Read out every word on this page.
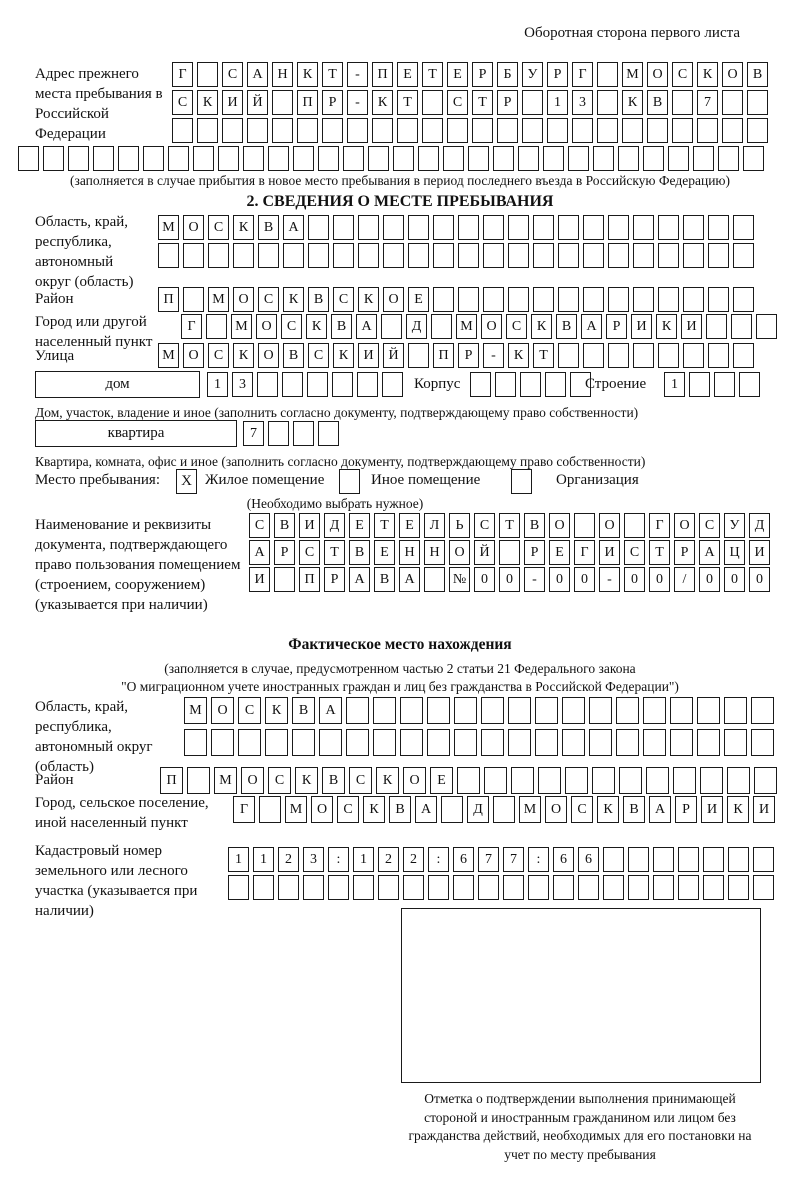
Оборотная сторона первого листа
Адрес прежнего места пребывания в Российской Федерации
Г	С	А	Н	К	Т	-	П	Е	Т	Е	Р	Б	У	Р	Г	М О	С	К	О	В
С	К	И	Й	П	Р	-	К	Т	С	Т	Р	1	3	К	В	7
(заполняется в случае прибытия в новое место пребывания в период последнего въезда в Российскую Федерацию)
2. СВЕДЕНИЯ О МЕСТЕ ПРЕБЫВАНИЯ
Область, край, республика, автономный округ (область)
М О	С	К	В	А
Район	П	М О	С	К	В	С	К	О	Е
Город или другой населенный пункт
Г	М О	С	К	В	А	Д	М О	С	К	В	А	Р	И	К	И
Улица	М О	С	К	О	В	С	К	И	Й	П	Р	-	К	Т
дом	1	3	Корпус	Строение	1
Дом, участок, владение и иное (заполнить согласно документу, подтверждающему право собственности)
квартира	7
Квартира, комната, офис и иное (заполнить согласно документу, подтверждающему право собственности)
Место пребывания:	X Жилое помещение	Иное помещение	Организация
(Необходимо выбрать нужное)
Наименование и реквизиты документа, подтверждающего право пользования помещением (строением, сооружением) (указывается при наличии)
С	В	И	Д	Е	Т	Е	Л	Ь	С	Т	В	О	О	Г	О	С	У	Д
А	Р	С	Т	В	Е	Н	Н	О	Й	Р	Е	Г	И	С	Т	Р	А	Ц	И
И	П	Р	А	В	А	№	0	0	-	0	0	-	0	0	/	0	0	0
Фактическое место нахождения
(заполняется в случае, предусмотренном частью 2 статьи 21 Федерального закона
"О миграционном учете иностранных граждан и лиц без гражданства в Российской Федерации")
Область, край, республика, автономный округ (область)
М	О	С	К	В	А
Район	П	М	О	С	К	В	С	К	О	Е
Город, сельское поселение, иной населенный пункт
Г	М	О	С	К	В	А	Д	М	О	С	К	В	А	Р	И	К	И
Кадастровый номер земельного или лесного участка (указывается при наличии)
1	1	2	3	:	1	2	2	:	6	7	7	:	6	6
Отметка о подтверждении выполнения принимающей стороной и иностранным гражданином или лицом без гражданства действий, необходимых для его постановки на учет по месту пребывания
